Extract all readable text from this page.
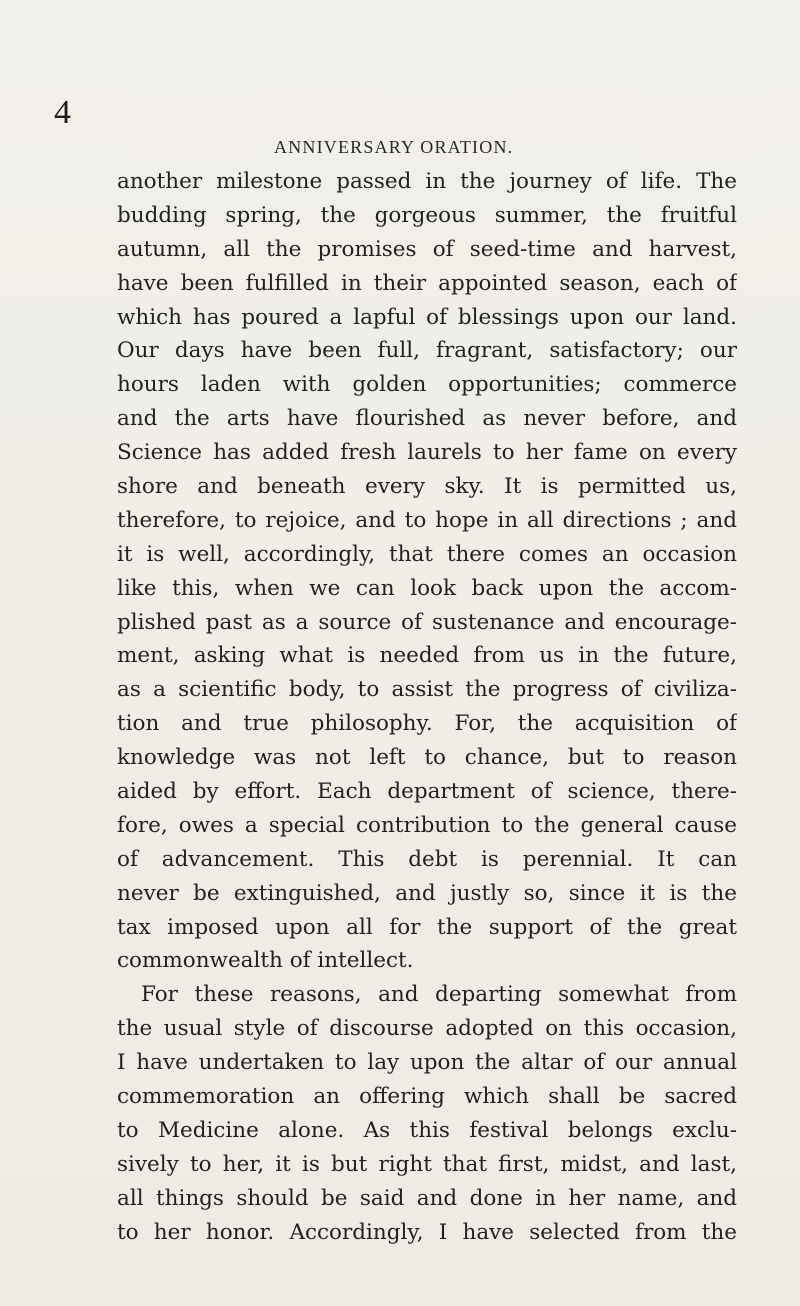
4
ANNIVERSARY ORATION.
another milestone passed in the journey of life. The
budding spring, the gorgeous summer, the fruitful
autumn, all the promises of seed-time and harvest,
have been fulfilled in their appointed season, each of
which has poured a lapful of blessings upon our land.
Our days have been full, fragrant, satisfactory; our
hours laden with golden opportunities; commerce
and the arts have flourished as never before, and
Science has added fresh laurels to her fame on every
shore and beneath every sky. It is permitted us,
therefore, to rejoice, and to hope in all directions ; and
it is well, accordingly, that there comes an occasion
like this, when we can look back upon the accom-
plished past as a source of sustenance and encourage-
ment, asking what is needed from us in the future,
as a scientific body, to assist the progress of civiliza-
tion and true philosophy. For, the acquisition of
knowledge was not left to chance, but to reason
aided by effort. Each department of science, there-
fore, owes a special contribution to the general cause
of advancement. This debt is perennial. It can
never be extinguished, and justly so, since it is the
tax imposed upon all for the support of the great
commonwealth of intellect.
For these reasons, and departing somewhat from
the usual style of discourse adopted on this occasion,
I have undertaken to lay upon the altar of our annual
commemoration an offering which shall be sacred
to Medicine alone. As this festival belongs exclu-
sively to her, it is but right that first, midst, and last,
all things should be said and done in her name, and
to her honor. Accordingly, I have selected from the
